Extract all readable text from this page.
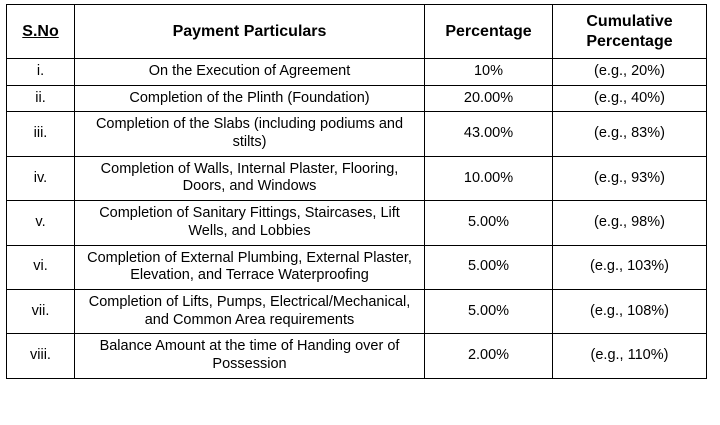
S.No	Payment Particulars	Percentage	Cumulative Percentage
i.	On the Execution of Agreement	10%	(e.g., 20%)
ii.	Completion of the Plinth (Foundation)	20.00%	(e.g., 40%)
iii.	Completion of the Slabs (including podiums and stilts)	43.00%	(e.g., 83%)
iv.	Completion of Walls, Internal Plaster, Flooring, Doors, and Windows	10.00%	(e.g., 93%)
v.	Completion of Sanitary Fittings, Staircases, Lift Wells, and Lobbies	5.00%	(e.g., 98%)
vi.	Completion of External Plumbing, External Plaster, Elevation, and Terrace Waterproofing	5.00%	(e.g., 103%)
vii.	Completion of Lifts, Pumps, Electrical/Mechanical, and Common Area requirements	5.00%	(e.g., 108%)
viii.	Balance Amount at the time of Handing over of Possession	2.00%	(e.g., 110%)
